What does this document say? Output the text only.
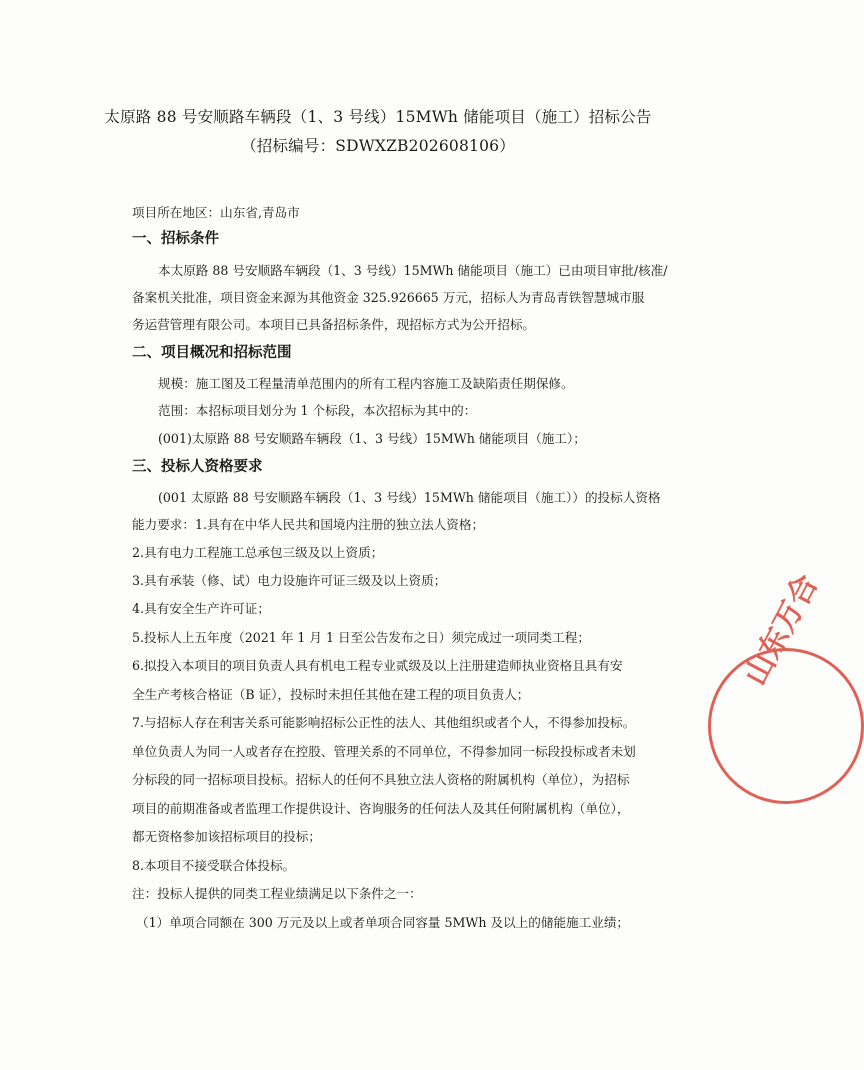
太原路 88 号安顺路车辆段（1、3 号线）15MWh 储能项目（施工）招标公告
（招标编号：SDWXZB202608106）
项目所在地区：山东省,青岛市
一、招标条件
本太原路 88 号安顺路车辆段（1、3 号线）15MWh 储能项目（施工）已由项目审批/核准/
备案机关批准，项目资金来源为其他资金 325.926665 万元，招标人为青岛青铁智慧城市服
务运营管理有限公司。本项目已具备招标条件，现招标方式为公开招标。
二、项目概况和招标范围
规模：施工图及工程量清单范围内的所有工程内容施工及缺陷责任期保修。
范围：本招标项目划分为 1 个标段，本次招标为其中的：
(001)太原路 88 号安顺路车辆段（1、3 号线）15MWh 储能项目（施工）；
三、投标人资格要求
(001 太原路 88 号安顺路车辆段（1、3 号线）15MWh 储能项目（施工））的投标人资格
能力要求：1.具有在中华人民共和国境内注册的独立法人资格；
2.具有电力工程施工总承包三级及以上资质；
3.具有承装（修、试）电力设施许可证三级及以上资质；
4.具有安全生产许可证；
5.投标人上五年度（2021 年 1 月 1 日至公告发布之日）须完成过一项同类工程；
6.拟投入本项目的项目负责人具有机电工程专业贰级及以上注册建造师执业资格且具有安
全生产考核合格证（B 证），投标时未担任其他在建工程的项目负责人；
7.与招标人存在利害关系可能影响招标公正性的法人、其他组织或者个人，不得参加投标。
单位负责人为同一人或者存在控股、管理关系的不同单位，不得参加同一标段投标或者未划
分标段的同一招标项目投标。招标人的任何不具独立法人资格的附属机构（单位），为招标
项目的前期准备或者监理工作提供设计、咨询服务的任何法人及其任何附属机构（单位），
都无资格参加该招标项目的投标；
8.本项目不接受联合体投标。
注：投标人提供的同类工程业绩满足以下条件之一：
（1）单项合同额在 300 万元及以上或者单项合同容量 5MWh 及以上的储能施工业绩；
山东万合
